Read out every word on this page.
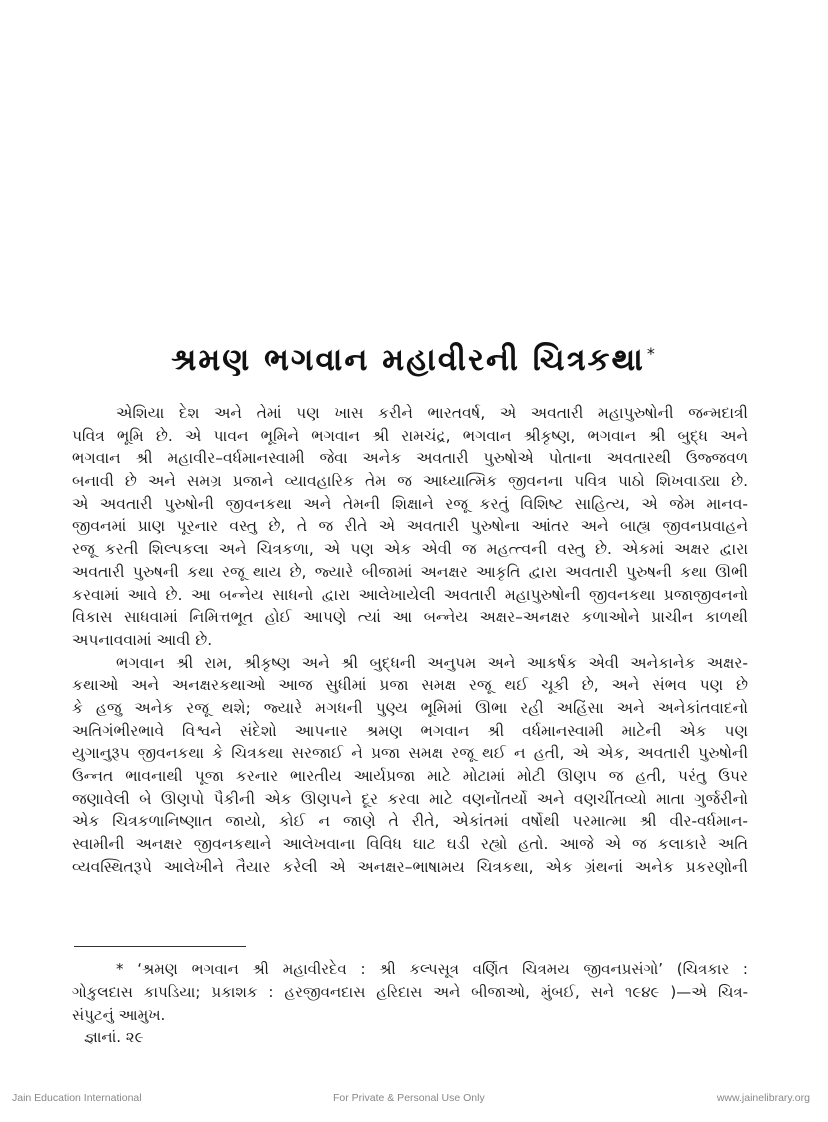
શ્રમણ ભગવાન મહાવીરની ચિત્રકથા *
એશિયા દેશ અને તેમાં પણ ખાસ કરીને ભારતવર્ષ, એ અવતારી મહાપુરુષોની જન્મદાત્રી
પવિત્ર ભૂમિ છે. એ પાવન ભૂમિને ભગવાન શ્રી રામચંદ્ર, ભગવાન શ્રીકૃષ્ણ, ભગવાન શ્રી બુદ્ધ અને
ભગવાન શ્રી મહાવીર–વર્ધમાનસ્વામી જેવા અનેક અવતારી પુરુષોએ પોતાના અવતારથી ઉજ્જવળ
બનાવી છે અને સમગ્ર પ્રજાને વ્યાવહારિક તેમ જ આધ્યાત્મિક જીવનના પવિત્ર પાઠો શિખવાડ્યા છે.
એ અવતારી પુરુષોની જીવનકથા અને તેમની શિક્ષાને રજૂ કરતું વિશિષ્ટ સાહિત્ય, એ જેમ માનવ-
જીવનમાં પ્રાણ પૂરનાર વસ્તુ છે, તે જ રીતે એ અવતારી પુરુષોના આંતર અને બાહ્ય જીવનપ્રવાહને
રજૂ કરતી શિલ્પકલા અને ચિત્રકળા, એ પણ એક એવી જ મહત્ત્વની વસ્તુ છે. એકમાં અક્ષર દ્વારા
અવતારી પુરુષની કથા રજૂ થાય છે, જ્યારે બીજામાં અનક્ષર આકૃતિ દ્વારા અવતારી પુરુષની કથા ઊભી
કરવામાં આવે છે. આ બન્નેય સાધનો દ્વારા આલેખાયેલી અવતારી મહાપુરુષોની જીવનકથા પ્રજાજીવનનો
વિકાસ સાધવામાં નિમિત્તભૂત હોઈ આપણે ત્યાં આ બન્નેય અક્ષર–અનક્ષર કળાઓને પ્રાચીન કાળથી
અપનાવવામાં આવી છે.
ભગવાન શ્રી રામ, શ્રીકૃષ્ણ અને શ્રી બુદ્ધની અનુપમ અને આકર્ષક એવી અનેકાનેક અક્ષર-
કથાઓ અને અનક્ષરકથાઓ આજ સુધીમાં પ્રજા સમક્ષ રજૂ થઈ ચૂકી છે, અને સંભવ પણ છે
કે હજુ અનેક રજૂ થશે; જ્યારે મગધની પુણ્ય ભૂમિમાં ઊભા રહી અહિંસા અને અનેકાંતવાદનો
અતિગંભીરભાવે વિશ્વને સંદેશો આપનાર શ્રમણ ભગવાન શ્રી વર્ધમાનસ્વામી માટેની એક પણ
યુગાનુરૂપ જીવનકથા કે ચિત્રકથા સરજાઈ ને પ્રજા સમક્ષ રજૂ થઈ ન હતી, એ એક, અવતારી પુરુષોની
ઉન્નત ભાવનાથી પૂજા કરનાર ભારતીય આર્યપ્રજા માટે મોટામાં મોટી ઊણપ જ હતી, પરંતુ ઉપર
જણાવેલી બે ઊણપો પૈકીની એક ઊણપને દૂર કરવા માટે વણનોંતર્યો અને વણચીંતવ્યો માતા ગુર્જરીનો
એક ચિત્રકળાનિષ્ણાત જાયો, કોઈ ન જાણે તે રીતે, એકાંતમાં વર્ષોથી પરમાત્મા શ્રી વીર-વર્ધમાન-
સ્વામીની અનક્ષર જીવનકથાને આલેખવાના વિવિધ ઘાટ ઘડી રહ્યો હતો. આજે એ જ કલાકારે અતિ
વ્યવસ્થિતરૂપે આલેખીને તૈયાર કરેલી એ અનક્ષર–ભાષામય ચિત્રકથા, એક ગ્રંથનાં અનેક પ્રકરણોની
* ‘શ્રમણ ભગવાન શ્રી મહાવીરદેવ : શ્રી કલ્પસૂત્ર વર્ણિત ચિત્રમય જીવનપ્રસંગો’ (ચિત્રકાર :
ગોકુલદાસ કાપડિયા; પ્રકાશક : હરજીવનદાસ હરિદાસ અને બીજાઓ, મુંબઈ, સને ૧૯૪૯ )—એ ચિત્ર-
સંપુટનું આમુખ.
જ્ઞાનાં. ૨૯
Jain Education International	For Private & Personal Use Only	www.jainelibrary.org
